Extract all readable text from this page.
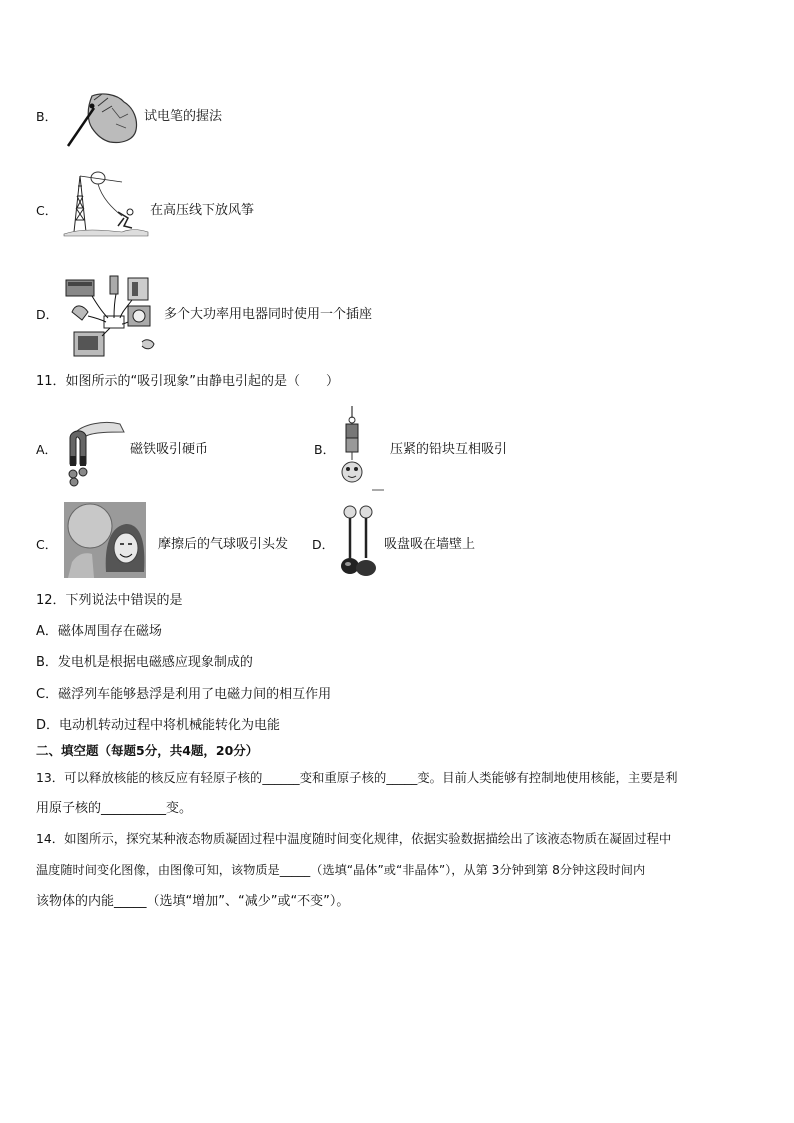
B．	试电笔的握法
C．	在高压线下放风筝
D．	多个大功率用电器同时使用一个插座
11．如图所示的“吸引现象”由静电引起的是（　　）
A．	磁铁吸引硬币	B．	压紧的铅块互相吸引
C．	摩擦后的气球吸引头发 D．	吸盘吸在墙壁上
12．下列说法中错误的是
A．磁体周围存在磁场
B．发电机是根据电磁感应现象制成的
C．磁浮列车能够悬浮是利用了电磁力间的相互作用
D．电动机转动过程中将机械能转化为电能
二、填空题（每题5分，共4题，20分）
13．可以释放核能的核反应有轻原子核的______变和重原子核的_____变。目前人类能够有控制地使用核能，主要是利
用原子核的__________变。
14．如图所示，探究某种液态物质凝固过程中温度随时间变化规律，依据实验数据描绘出了该液态物质在凝固过程中
温度随时间变化图像，由图像可知，该物质是_____（选填“晶体”或“非晶体”），从第 3分钟到第 8分钟这段时间内
该物体的内能_____（选填“增加”、“减少”或“不变”）。
